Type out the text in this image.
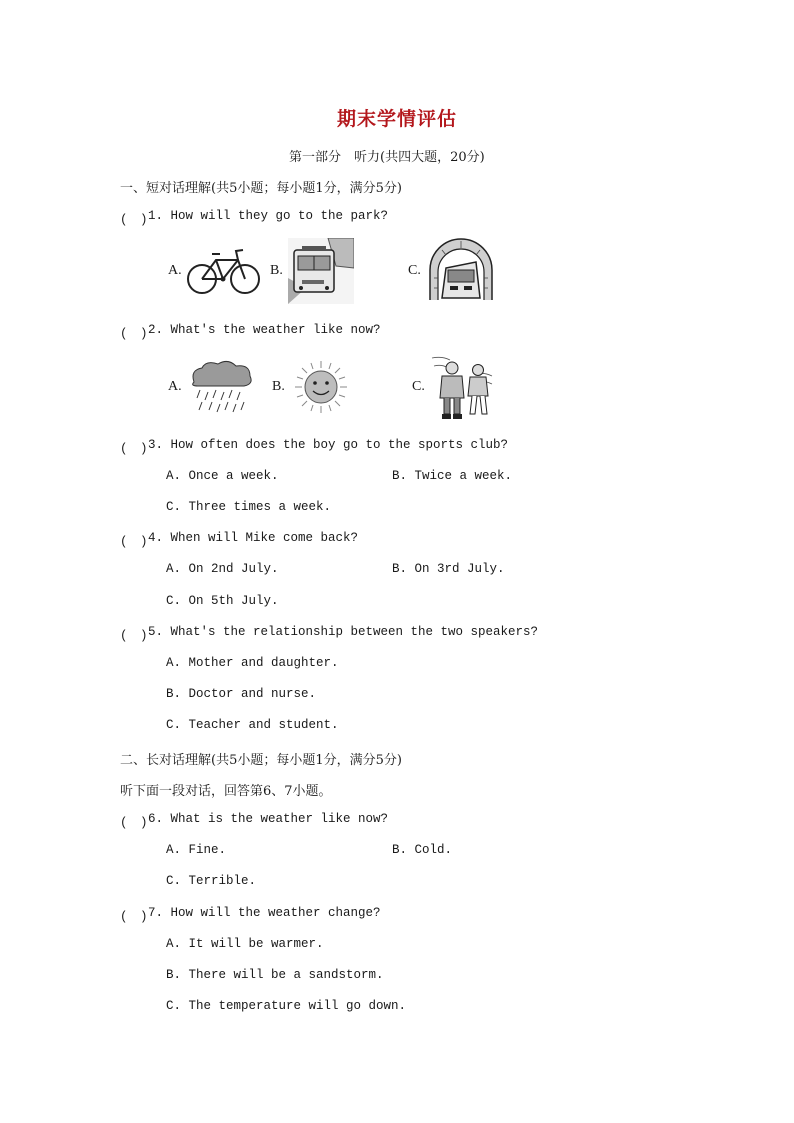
期末学情评估
第一部分　听力(共四大题，20分)
一、短对话理解(共5小题；每小题1分，满分5分)
(　) 1. How will they go to the park?
A.	B.	C.
(　) 2. What's the weather like now?
A.	B.	C.
(　) 3. How often does the boy go to the sports club?
A. Once a week.	B. Twice a week.
C. Three times a week.
(　) 4. When will Mike come back?
A. On 2nd July.	B. On 3rd July.
C. On 5th July.
(　) 5. What's the relationship between the two speakers?
A. Mother and daughter.
B. Doctor and nurse.
C. Teacher and student.
二、长对话理解(共5小题；每小题1分，满分5分)
听下面一段对话，回答第6、7小题。
(　) 6. What is the weather like now?
A. Fine.	B. Cold.
C. Terrible.
(　) 7. How will the weather change?
A. It will be warmer.
B. There will be a sandstorm.
C. The temperature will go down.
